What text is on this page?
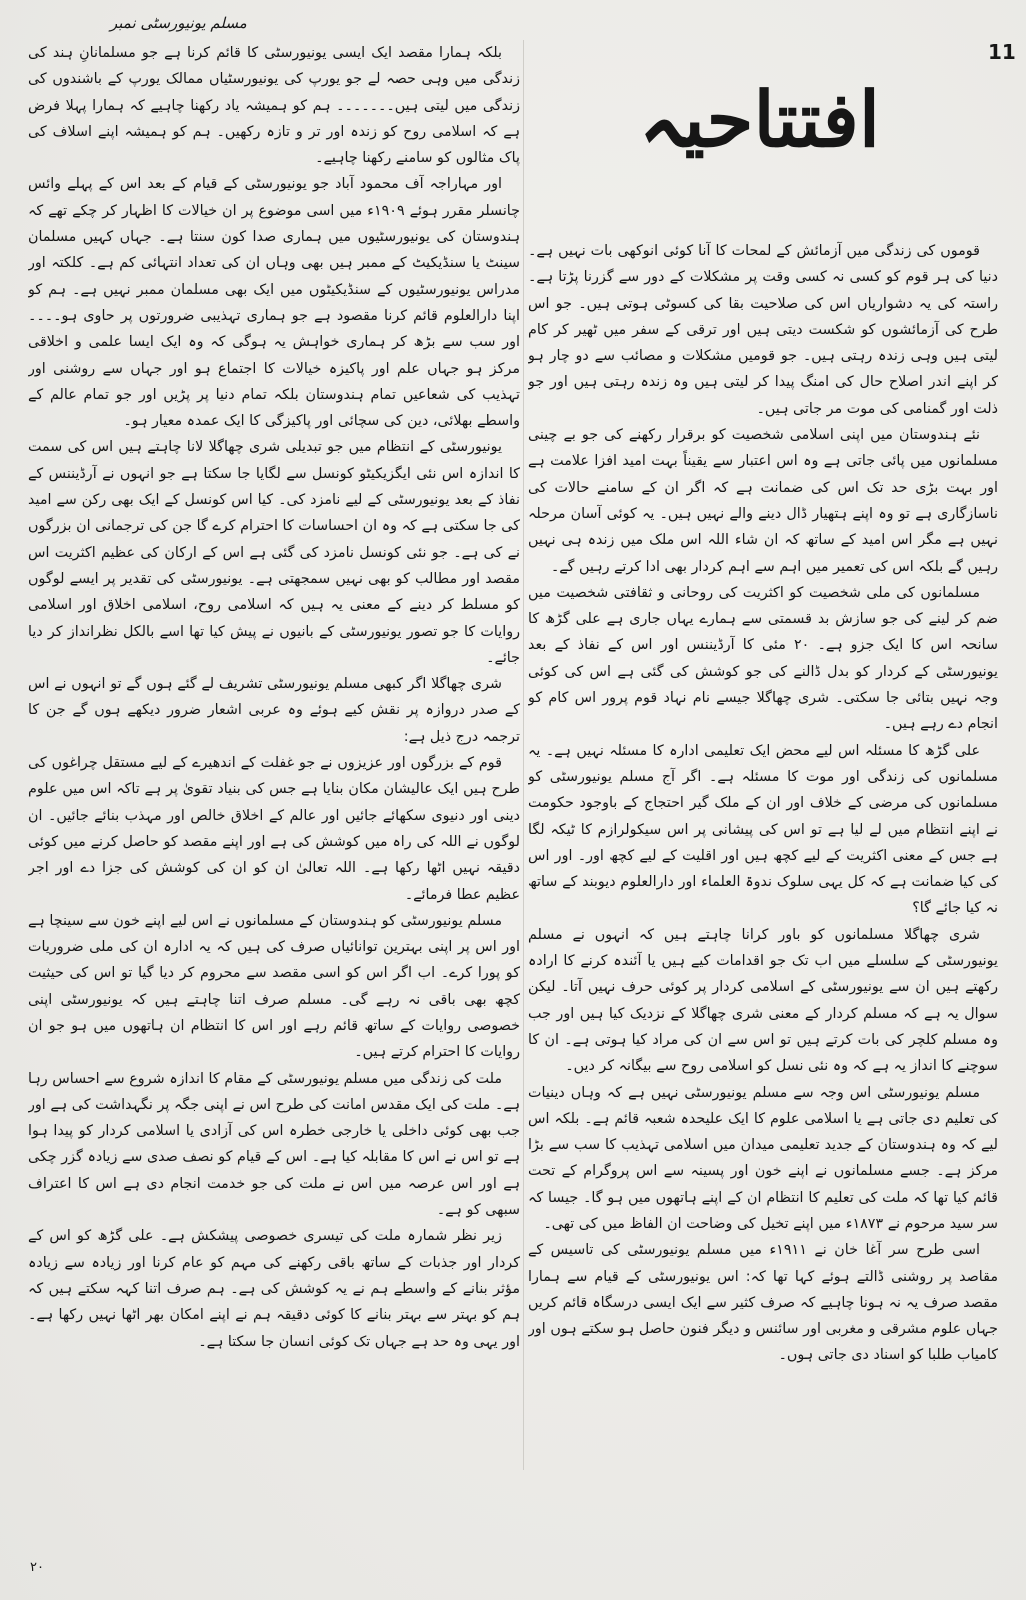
مسلم یونیورسٹی نمبر
11
افتتاحیہ

بلکہ ہمارا مقصد ایک ایسی یونیورسٹی کا قائم کرنا ہے جو مسلمانانِ ہند کی زندگی میں وہی حصہ لے جو یورپ کی یونیورسٹیاں ممالک یورپ کے باشندوں کی زندگی میں لیتی ہیں۔۔۔۔۔۔۔ ہم کو ہمیشہ یاد رکھنا چاہیے کہ ہمارا پہلا فرض ہے کہ اسلامی روح کو زندہ اور تر و تازہ رکھیں۔ ہم کو ہمیشہ اپنے اسلاف کی پاک مثالوں کو سامنے رکھنا چاہیے۔

اور مہاراجہ آف محمود آباد جو یونیورسٹی کے قیام کے بعد اس کے پہلے وائس چانسلر مقرر ہوئے ۱۹۰۹ء میں اسی موضوع پر ان خیالات کا اظہار کر چکے تھے کہ ہندوستان کی یونیورسٹیوں میں ہماری صدا کون سنتا ہے۔ جہاں کہیں مسلمان سینٹ یا سنڈیکیٹ کے ممبر ہیں بھی وہاں ان کی تعداد انتہائی کم ہے۔ کلکتہ اور مدراس یونیورسٹیوں کے سنڈیکیٹوں میں ایک بھی مسلمان ممبر نہیں ہے۔ ہم کو اپنا دارالعلوم قائم کرنا مقصود ہے جو ہماری تہذیبی ضرورتوں پر حاوی ہو۔۔۔۔ اور سب سے بڑھ کر ہماری خواہش یہ ہوگی کہ وہ ایک ایسا علمی و اخلاقی مرکز ہو جہاں علم اور پاکیزہ خیالات کا اجتماع ہو اور جہاں سے روشنی اور تہذیب کی شعاعیں تمام ہندوستان بلکہ تمام دنیا پر پڑیں اور جو تمام عالم کے واسطے بھلائی، دین کی سچائی اور پاکیزگی کا ایک عمدہ معیار ہو۔

یونیورسٹی کے انتظام میں جو تبدیلی شری چھاگلا لانا چاہتے ہیں اس کی سمت کا اندازہ اس نئی ایگزیکیٹو کونسل سے لگایا جا سکتا ہے جو انہوں نے آرڈیننس کے نفاذ کے بعد یونیورسٹی کے لیے نامزد کی۔ کیا اس کونسل کے ایک بھی رکن سے امید کی جا سکتی ہے کہ وہ ان احساسات کا احترام کرے گا جن کی ترجمانی ان بزرگوں نے کی ہے۔ جو نئی کونسل نامزد کی گئی ہے اس کے ارکان کی عظیم اکثریت اس مقصد اور مطالب کو بھی نہیں سمجھتی ہے۔ یونیورسٹی کی تقدیر پر ایسے لوگوں کو مسلط کر دینے کے معنی یہ ہیں کہ اسلامی روح، اسلامی اخلاق اور اسلامی روایات کا جو تصور یونیورسٹی کے بانیوں نے پیش کیا تھا اسے بالکل نظرانداز کر دیا جائے۔

شری چھاگلا اگر کبھی مسلم یونیورسٹی تشریف لے گئے ہوں گے تو انہوں نے اس کے صدر دروازہ پر نقش کیے ہوئے وہ عربی اشعار ضرور دیکھے ہوں گے جن کا ترجمہ درج ذیل ہے:

قوم کے بزرگوں اور عزیزوں نے جو غفلت کے اندھیرے کے لیے مستقل چراغوں کی طرح ہیں ایک عالیشان مکان بنایا ہے جس کی بنیاد تقویٰ پر ہے تاکہ اس میں علوم دینی اور دنیوی سکھائے جائیں اور عالم کے اخلاق خالص اور مہذب بنائے جائیں۔ ان لوگوں نے اللہ کی راہ میں کوشش کی ہے اور اپنے مقصد کو حاصل کرنے میں کوئی دقیقہ نہیں اٹھا رکھا ہے۔ اللہ تعالیٰ ان کو ان کی کوشش کی جزا دے اور اجر عظیم عطا فرمائے۔

مسلم یونیورسٹی کو ہندوستان کے مسلمانوں نے اس لیے اپنے خون سے سینچا ہے اور اس پر اپنی بہترین توانائیاں صرف کی ہیں کہ یہ ادارہ ان کی ملی ضروریات کو پورا کرے۔ اب اگر اس کو اسی مقصد سے محروم کر دیا گیا تو اس کی حیثیت کچھ بھی باقی نہ رہے گی۔ مسلم صرف اتنا چاہتے ہیں کہ یونیورسٹی اپنی خصوصی روایات کے ساتھ قائم رہے اور اس کا انتظام ان ہاتھوں میں ہو جو ان روایات کا احترام کرتے ہیں۔

ملت کی زندگی میں مسلم یونیورسٹی کے مقام کا اندازہ شروع سے احساس رہا ہے۔ ملت کی ایک مقدس امانت کی طرح اس نے اپنی جگہ پر نگہداشت کی ہے اور جب بھی کوئی داخلی یا خارجی خطرہ اس کی آزادی یا اسلامی کردار کو پیدا ہوا ہے تو اس نے اس کا مقابلہ کیا ہے۔ اس کے قیام کو نصف صدی سے زیادہ گزر چکی ہے اور اس عرصہ میں اس نے ملت کی جو خدمت انجام دی ہے اس کا اعتراف سبھی کو ہے۔

زیر نظر شمارہ ملت کی تیسری خصوصی پیشکش ہے۔ علی گڑھ کو اس کے کردار اور جذبات کے ساتھ باقی رکھنے کی مہم کو عام کرنا اور زیادہ سے زیادہ مؤثر بنانے کے واسطے ہم نے یہ کوشش کی ہے۔ ہم صرف اتنا کہہ سکتے ہیں کہ ہم کو بہتر سے بہتر بنانے کا کوئی دقیقہ ہم نے اپنے امکان بھر اٹھا نہیں رکھا ہے۔ اور یہی وہ حد ہے جہاں تک کوئی انسان جا سکتا ہے۔

قوموں کی زندگی میں آزمائش کے لمحات کا آنا کوئی انوکھی بات نہیں ہے۔ دنیا کی ہر قوم کو کسی نہ کسی وقت پر مشکلات کے دور سے گزرنا پڑتا ہے۔ راستہ کی یہ دشواریاں اس کی صلاحیت بقا کی کسوٹی ہوتی ہیں۔ جو اس طرح کی آزمائشوں کو شکست دیتی ہیں اور ترقی کے سفر میں ٹھیر کر کام لیتی ہیں وہی زندہ رہتی ہیں۔ جو قومیں مشکلات و مصائب سے دو چار ہو کر اپنے اندر اصلاح حال کی امنگ پیدا کر لیتی ہیں وہ زندہ رہتی ہیں اور جو ذلت اور گمنامی کی موت مر جاتی ہیں۔

نئے ہندوستان میں اپنی اسلامی شخصیت کو برقرار رکھنے کی جو بے چینی مسلمانوں میں پائی جاتی ہے وہ اس اعتبار سے یقیناً بہت امید افزا علامت ہے اور بہت بڑی حد تک اس کی ضمانت ہے کہ اگر ان کے سامنے حالات کی ناسازگاری ہے تو وہ اپنے ہتھیار ڈال دینے والے نہیں ہیں۔ یہ کوئی آسان مرحلہ نہیں ہے مگر اس امید کے ساتھ کہ ان شاء اللہ اس ملک میں زندہ ہی نہیں رہیں گے بلکہ اس کی تعمیر میں اہم سے اہم کردار بھی ادا کرتے رہیں گے۔

مسلمانوں کی ملی شخصیت کو اکثریت کی روحانی و ثقافتی شخصیت میں ضم کر لینے کی جو سازش بد قسمتی سے ہمارے یہاں جاری ہے علی گڑھ کا سانحہ اس کا ایک جزو ہے۔ ۲۰ مئی کا آرڈیننس اور اس کے نفاذ کے بعد یونیورسٹی کے کردار کو بدل ڈالنے کی جو کوشش کی گئی ہے اس کی کوئی وجہ نہیں بتائی جا سکتی۔ شری چھاگلا جیسے نام نہاد قوم پرور اس کام کو انجام دے رہے ہیں۔

علی گڑھ کا مسئلہ اس لیے محض ایک تعلیمی ادارہ کا مسئلہ نہیں ہے۔ یہ مسلمانوں کی زندگی اور موت کا مسئلہ ہے۔ اگر آج مسلم یونیورسٹی کو مسلمانوں کی مرضی کے خلاف اور ان کے ملک گیر احتجاج کے باوجود حکومت نے اپنے انتظام میں لے لیا ہے تو اس کی پیشانی پر اس سیکولرازم کا ٹیکہ لگا ہے جس کے معنی اکثریت کے لیے کچھ ہیں اور اقلیت کے لیے کچھ اور۔ اور اس کی کیا ضمانت ہے کہ کل یہی سلوک ندوۃ العلماء اور دارالعلوم دیوبند کے ساتھ نہ کیا جائے گا؟

شری چھاگلا مسلمانوں کو باور کرانا چاہتے ہیں کہ انہوں نے مسلم یونیورسٹی کے سلسلے میں اب تک جو اقدامات کیے ہیں یا آئندہ کرنے کا ارادہ رکھتے ہیں ان سے یونیورسٹی کے اسلامی کردار پر کوئی حرف نہیں آتا۔ لیکن سوال یہ ہے کہ مسلم کردار کے معنی شری چھاگلا کے نزدیک کیا ہیں اور جب وہ مسلم کلچر کی بات کرتے ہیں تو اس سے ان کی مراد کیا ہوتی ہے۔ ان کا سوچنے کا انداز یہ ہے کہ وہ نئی نسل کو اسلامی روح سے بیگانہ کر دیں۔

مسلم یونیورسٹی اس وجہ سے مسلم یونیورسٹی نہیں ہے کہ وہاں دینیات کی تعلیم دی جاتی ہے یا اسلامی علوم کا ایک علیحدہ شعبہ قائم ہے۔ بلکہ اس لیے کہ وہ ہندوستان کے جدید تعلیمی میدان میں اسلامی تہذیب کا سب سے بڑا مرکز ہے۔ جسے مسلمانوں نے اپنے خون اور پسینہ سے اس پروگرام کے تحت قائم کیا تھا کہ ملت کی تعلیم کا انتظام ان کے اپنے ہاتھوں میں ہو گا۔ جیسا کہ سر سید مرحوم نے ۱۸۷۳ء میں اپنے تخیل کی وضاحت ان الفاظ میں کی تھی۔

اسی طرح سر آغا خان نے ۱۹۱۱ء میں مسلم یونیورسٹی کی تاسیس کے مقاصد پر روشنی ڈالتے ہوئے کہا تھا کہ: اس یونیورسٹی کے قیام سے ہمارا مقصد صرف یہ نہ ہونا چاہیے کہ صرف کثیر سے ایک ایسی درسگاہ قائم کریں جہاں علوم مشرقی و مغربی اور سائنس و دیگر فنون حاصل ہو سکتے ہوں اور کامیاب طلبا کو اسناد دی جاتی ہوں۔

۲۰
